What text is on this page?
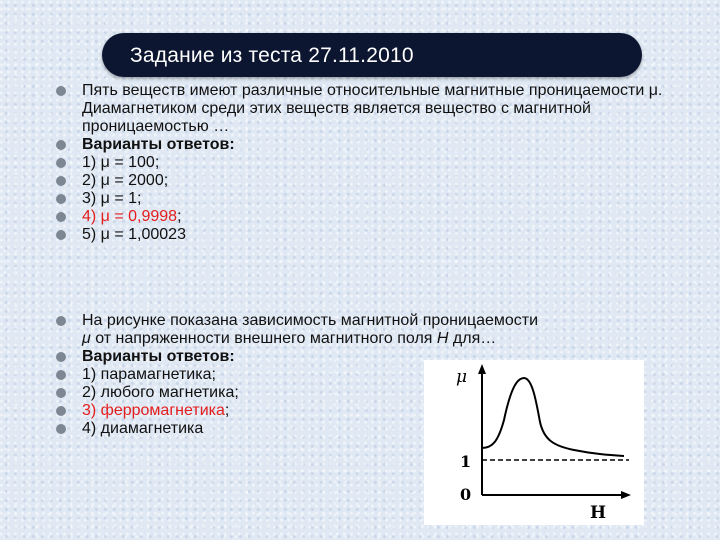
Задание из теста 27.11.2010
Пять веществ имеют различные относительные магнитные проницаемости μ. Диамагнетиком среди этих веществ является вещество с магнитной проницаемостью …
Варианты ответов:
1) μ = 100;
2) μ = 2000;
3) μ = 1;
4) μ = 0,9998;
5) μ = 1,00023
На рисунке показана зависимость магнитной проницаемости
μ от напряженности внешнего магнитного поля H для…
Варианты ответов:
1) парамагнетика;
2) любого магнетика;
3) ферромагнетика;
4) диамагнетика
μ
1
0
H
